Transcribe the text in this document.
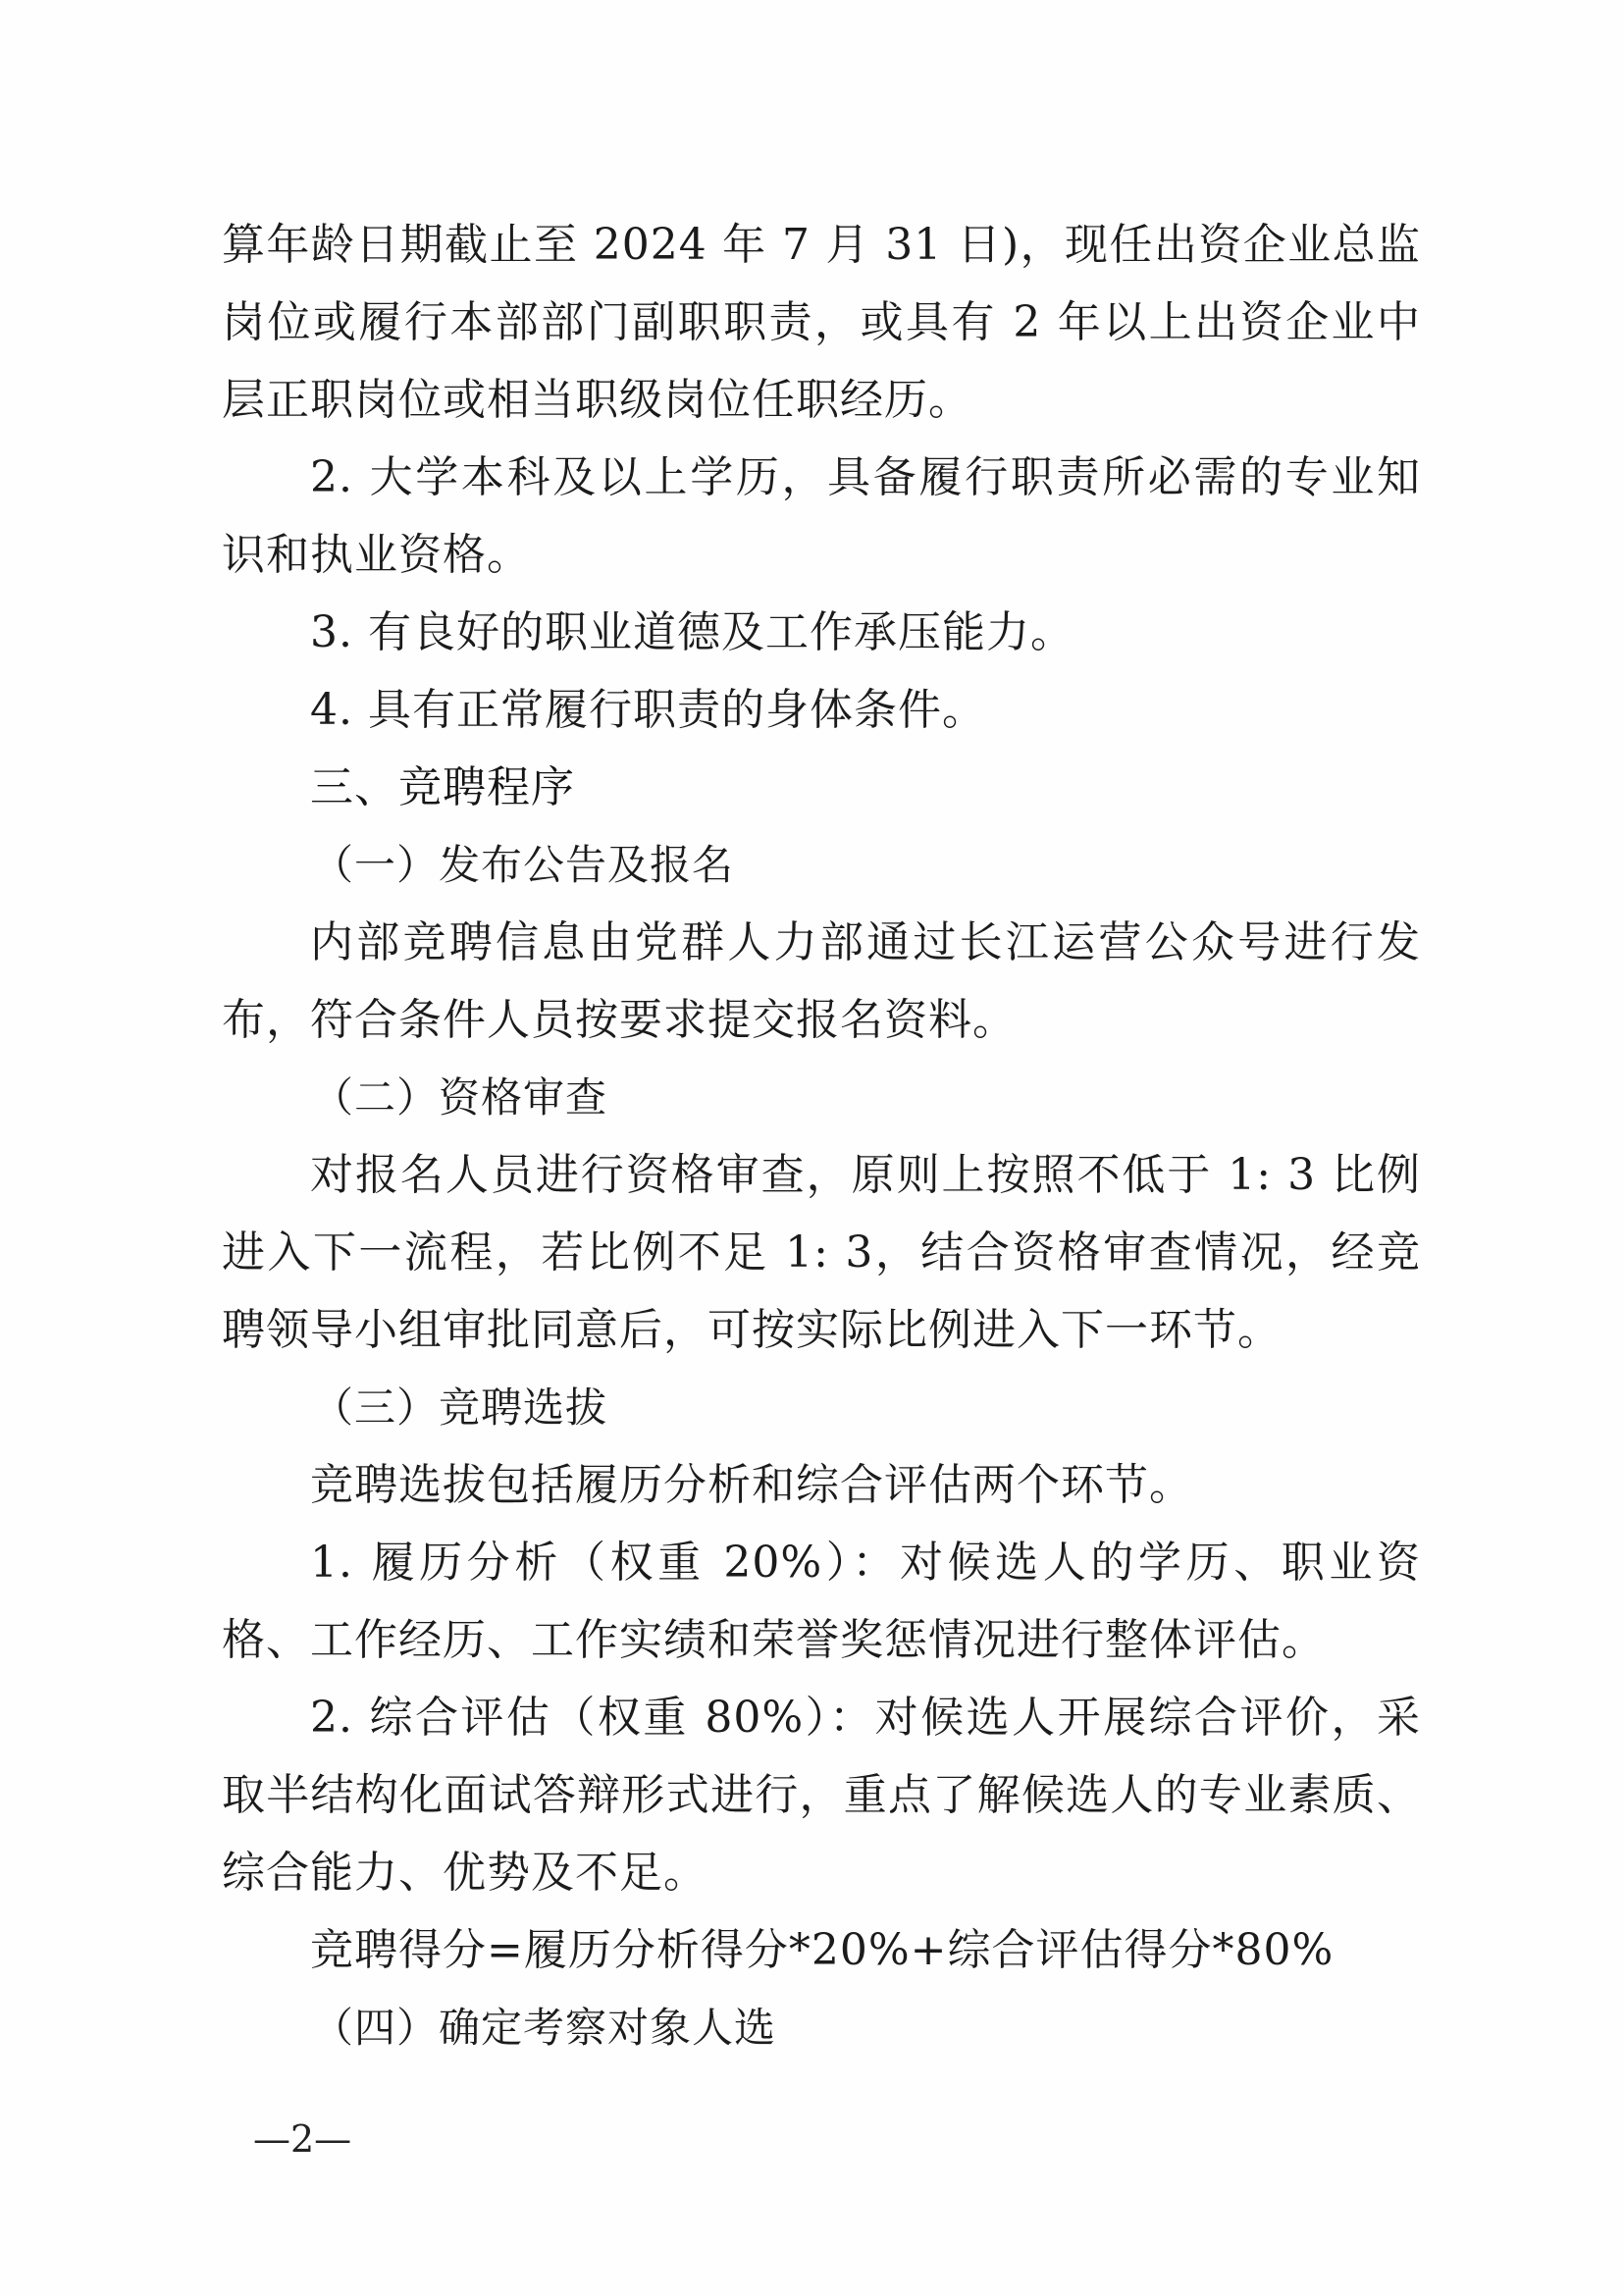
算年龄日期截止至 2024 年 7 月 31 日)，现任出资企业总监岗位或履行本部部门副职职责，或具有 2 年以上出资企业中层正职岗位或相当职级岗位任职经历。

2. 大学本科及以上学历，具备履行职责所必需的专业知识和执业资格。

3. 有良好的职业道德及工作承压能力。

4. 具有正常履行职责的身体条件。

三、竞聘程序
（一）发布公告及报名

内部竞聘信息由党群人力部通过长江运营公众号进行发布，符合条件人员按要求提交报名资料。

（二）资格审查

对报名人员进行资格审查，原则上按照不低于 1: 3 比例进入下一流程，若比例不足 1: 3，结合资格审查情况，经竞聘领导小组审批同意后，可按实际比例进入下一环节。

（三）竞聘选拔

竞聘选拔包括履历分析和综合评估两个环节。

1. 履历分析（权重 20%）：对候选人的学历、职业资格、工作经历、工作实绩和荣誉奖惩情况进行整体评估。

2. 综合评估（权重 80%）：对候选人开展综合评价，采取半结构化面试答辩形式进行，重点了解候选人的专业素质、综合能力、优势及不足。

竞聘得分=履历分析得分*20%+综合评估得分*80%

（四）确定考察对象人选
—2—
